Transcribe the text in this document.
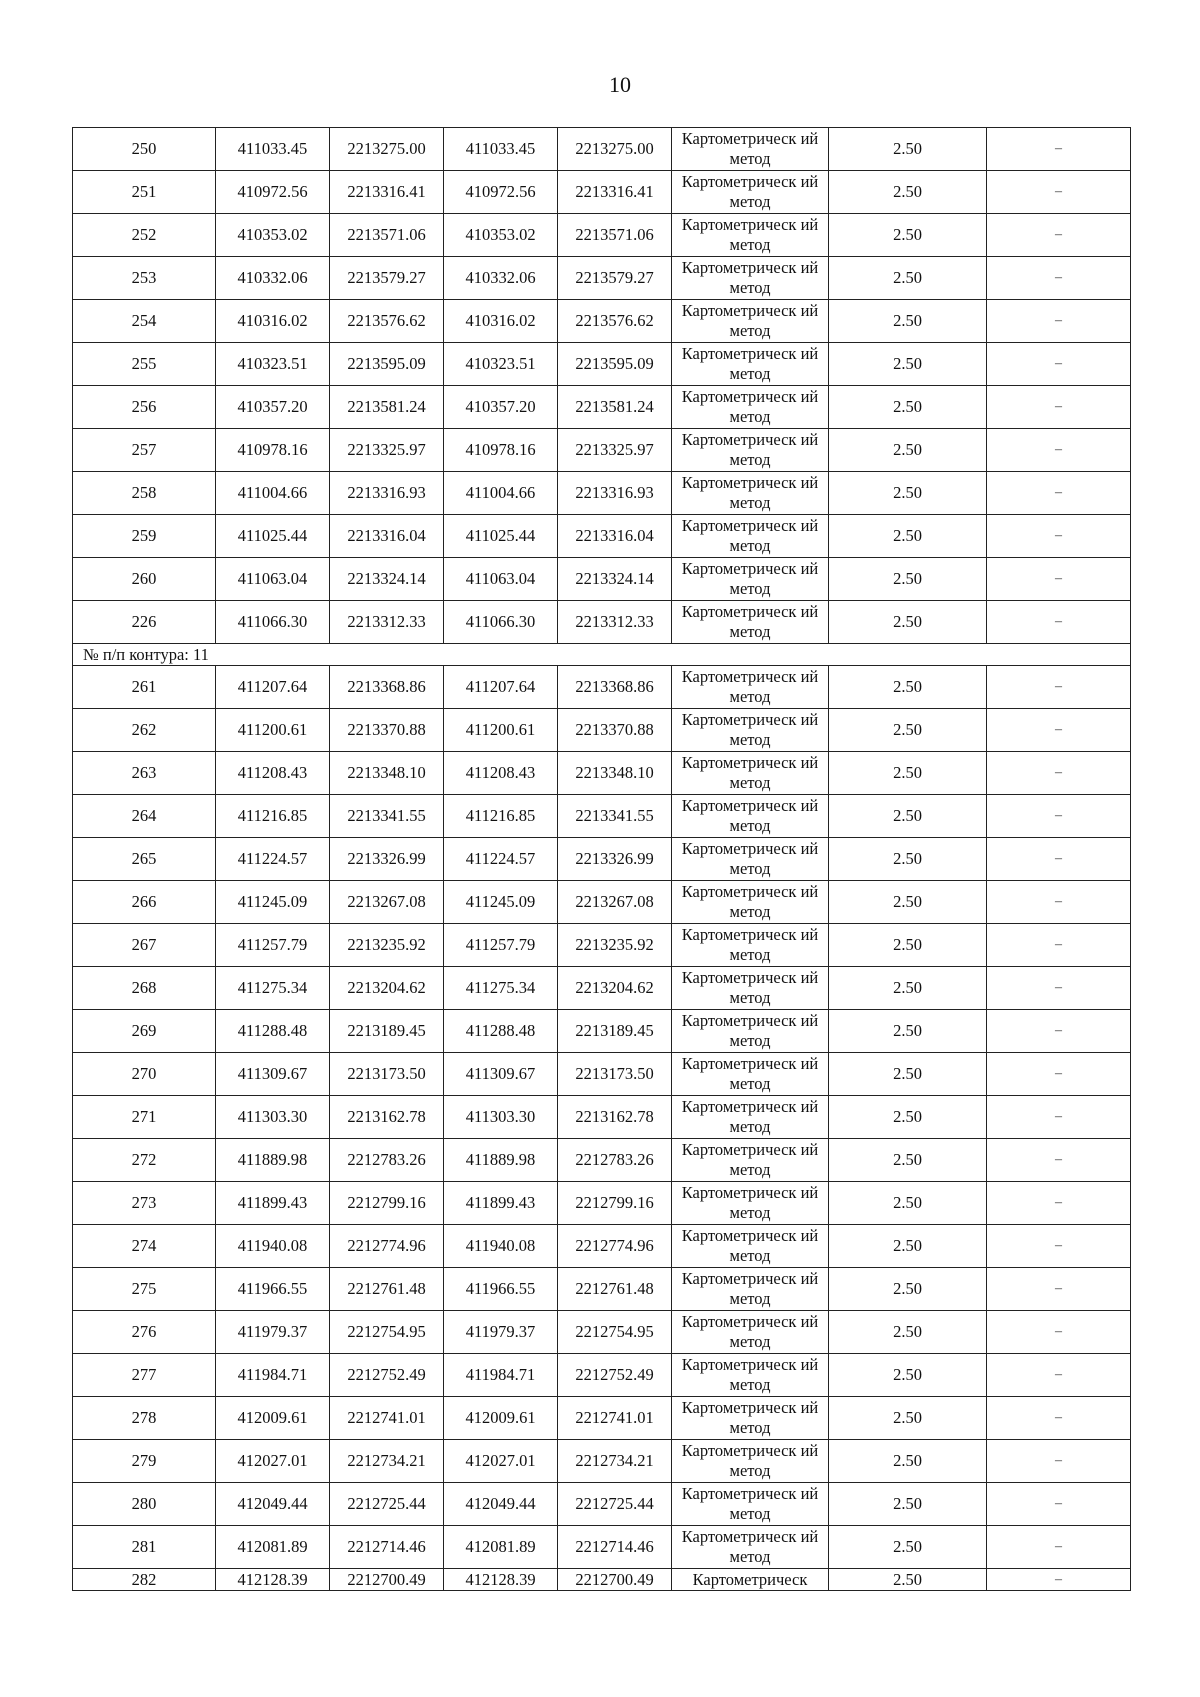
10
250	411033.45	2213275.00	411033.45	2213275.00	Картометрическ ий метод	2.50	–
251	410972.56	2213316.41	410972.56	2213316.41	Картометрическ ий метод	2.50	–
252	410353.02	2213571.06	410353.02	2213571.06	Картометрическ ий метод	2.50	–
253	410332.06	2213579.27	410332.06	2213579.27	Картометрическ ий метод	2.50	–
254	410316.02	2213576.62	410316.02	2213576.62	Картометрическ ий метод	2.50	–
255	410323.51	2213595.09	410323.51	2213595.09	Картометрическ ий метод	2.50	–
256	410357.20	2213581.24	410357.20	2213581.24	Картометрическ ий метод	2.50	–
257	410978.16	2213325.97	410978.16	2213325.97	Картометрическ ий метод	2.50	–
258	411004.66	2213316.93	411004.66	2213316.93	Картометрическ ий метод	2.50	–
259	411025.44	2213316.04	411025.44	2213316.04	Картометрическ ий метод	2.50	–
260	411063.04	2213324.14	411063.04	2213324.14	Картометрическ ий метод	2.50	–
226	411066.30	2213312.33	411066.30	2213312.33	Картометрическ ий метод	2.50	–
№ п/п контура: 11							
261	411207.64	2213368.86	411207.64	2213368.86	Картометрическ ий метод	2.50	–
262	411200.61	2213370.88	411200.61	2213370.88	Картометрическ ий метод	2.50	–
263	411208.43	2213348.10	411208.43	2213348.10	Картометрическ ий метод	2.50	–
264	411216.85	2213341.55	411216.85	2213341.55	Картометрическ ий метод	2.50	–
265	411224.57	2213326.99	411224.57	2213326.99	Картометрическ ий метод	2.50	–
266	411245.09	2213267.08	411245.09	2213267.08	Картометрическ ий метод	2.50	–
267	411257.79	2213235.92	411257.79	2213235.92	Картометрическ ий метод	2.50	–
268	411275.34	2213204.62	411275.34	2213204.62	Картометрическ ий метод	2.50	–
269	411288.48	2213189.45	411288.48	2213189.45	Картометрическ ий метод	2.50	–
270	411309.67	2213173.50	411309.67	2213173.50	Картометрическ ий метод	2.50	–
271	411303.30	2213162.78	411303.30	2213162.78	Картометрическ ий метод	2.50	–
272	411889.98	2212783.26	411889.98	2212783.26	Картометрическ ий метод	2.50	–
273	411899.43	2212799.16	411899.43	2212799.16	Картометрическ ий метод	2.50	–
274	411940.08	2212774.96	411940.08	2212774.96	Картометрическ ий метод	2.50	–
275	411966.55	2212761.48	411966.55	2212761.48	Картометрическ ий метод	2.50	–
276	411979.37	2212754.95	411979.37	2212754.95	Картометрическ ий метод	2.50	–
277	411984.71	2212752.49	411984.71	2212752.49	Картометрическ ий метод	2.50	–
278	412009.61	2212741.01	412009.61	2212741.01	Картометрическ ий метод	2.50	–
279	412027.01	2212734.21	412027.01	2212734.21	Картометрическ ий метод	2.50	–
280	412049.44	2212725.44	412049.44	2212725.44	Картометрическ ий метод	2.50	–
281	412081.89	2212714.46	412081.89	2212714.46	Картометрическ ий метод	2.50	–
282	412128.39	2212700.49	412128.39	2212700.49	Картометрическ	2.50	–
